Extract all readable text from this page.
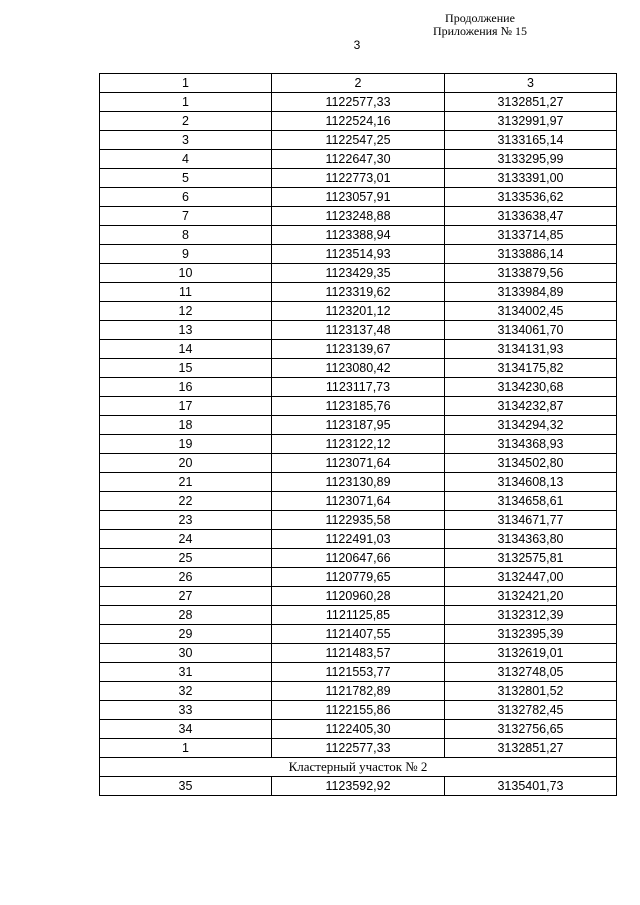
Продолжение
Приложения № 15
3
1	2	3
1	1122577,33	3132851,27
2	1122524,16	3132991,97
3	1122547,25	3133165,14
4	1122647,30	3133295,99
5	1122773,01	3133391,00
6	1123057,91	3133536,62
7	1123248,88	3133638,47
8	1123388,94	3133714,85
9	1123514,93	3133886,14
10	1123429,35	3133879,56
11	1123319,62	3133984,89
12	1123201,12	3134002,45
13	1123137,48	3134061,70
14	1123139,67	3134131,93
15	1123080,42	3134175,82
16	1123117,73	3134230,68
17	1123185,76	3134232,87
18	1123187,95	3134294,32
19	1123122,12	3134368,93
20	1123071,64	3134502,80
21	1123130,89	3134608,13
22	1123071,64	3134658,61
23	1122935,58	3134671,77
24	1122491,03	3134363,80
25	1120647,66	3132575,81
26	1120779,65	3132447,00
27	1120960,28	3132421,20
28	1121125,85	3132312,39
29	1121407,55	3132395,39
30	1121483,57	3132619,01
31	1121553,77	3132748,05
32	1121782,89	3132801,52
33	1122155,86	3132782,45
34	1122405,30	3132756,65
1	1122577,33	3132851,27
Кластерный участок № 2		
35	1123592,92	3135401,73
